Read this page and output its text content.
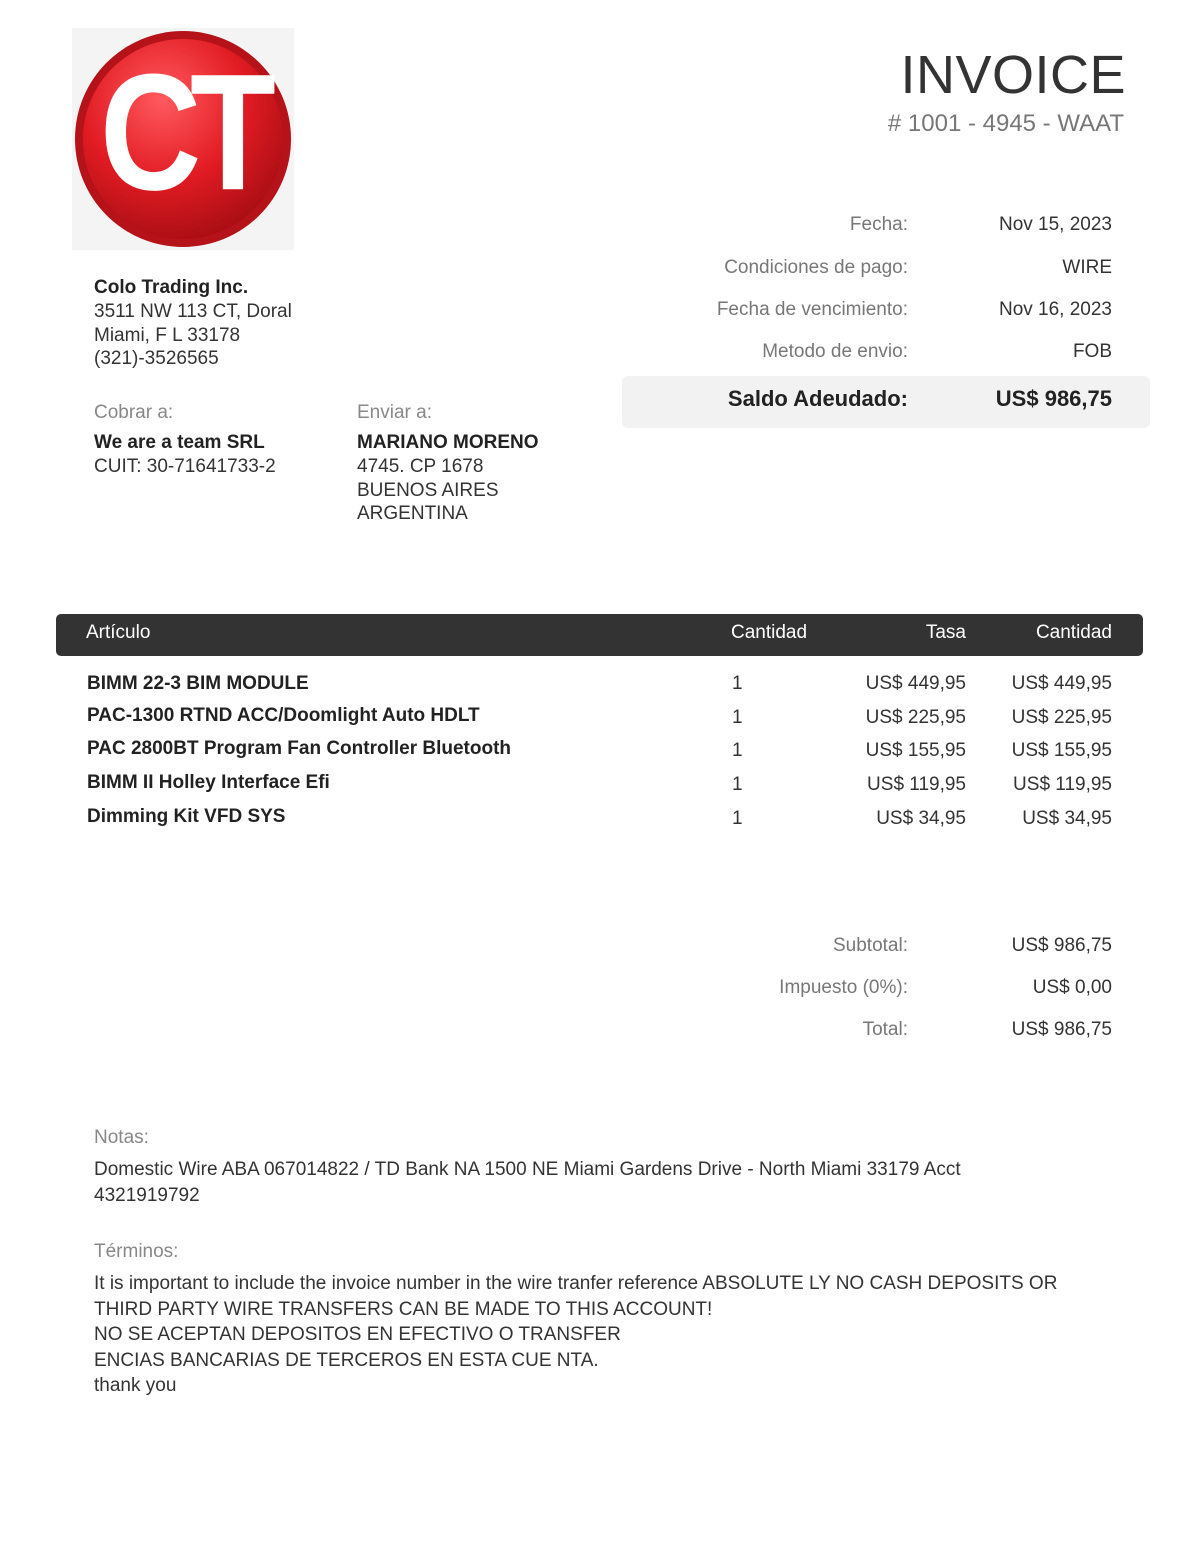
CT	INVOICE
# 1001 - 4945 - WAAT
Fecha:	Nov 15, 2023
Condiciones de pago:	WIRE
Fecha de vencimiento:	Nov 16, 2023
Metodo de envio:	FOB
Saldo Adeudado:	US$ 986,75
Colo Trading Inc.
3511 NW 113 CT, Doral
Miami, F L 33178
(321)-3526565
Cobrar a:
We are a team SRL
CUIT: 30-71641733-2
Enviar a:
MARIANO MORENO
4745. CP 1678
BUENOS AIRES
ARGENTINA
Artículo	Cantidad	Tasa	Cantidad
BIMM 22-3 BIM MODULE	1	US$ 449,95 US$ 449,95
PAC-1300 RTND ACC/Doomlight Auto HDLT	1	US$ 225,95 US$ 225,95
PAC 2800BT Program Fan Controller Bluetooth	1	US$ 155,95 US$ 155,95
BIMM II Holley Interface Efi	1	US$ 119,95 US$ 119,95
Dimming Kit VFD SYS	1	US$ 34,95	US$ 34,95
Subtotal:	US$ 986,75
Impuesto (0%):	US$ 0,00
Total:	US$ 986,75
Notas:
Domestic Wire ABA 067014822 / TD Bank NA 1500 NE Miami Gardens Drive - North Miami 33179 Acct 4321919792
Términos:
It is important to include the invoice number in the wire tranfer reference ABSOLUTE LY NO CASH DEPOSITS OR
THIRD PARTY WIRE TRANSFERS CAN BE MADE TO THIS ACCOUNT!
NO SE ACEPTAN DEPOSITOS EN EFECTIVO O TRANSFER
ENCIAS BANCARIAS DE TERCEROS EN ESTA CUE NTA.
thank you
